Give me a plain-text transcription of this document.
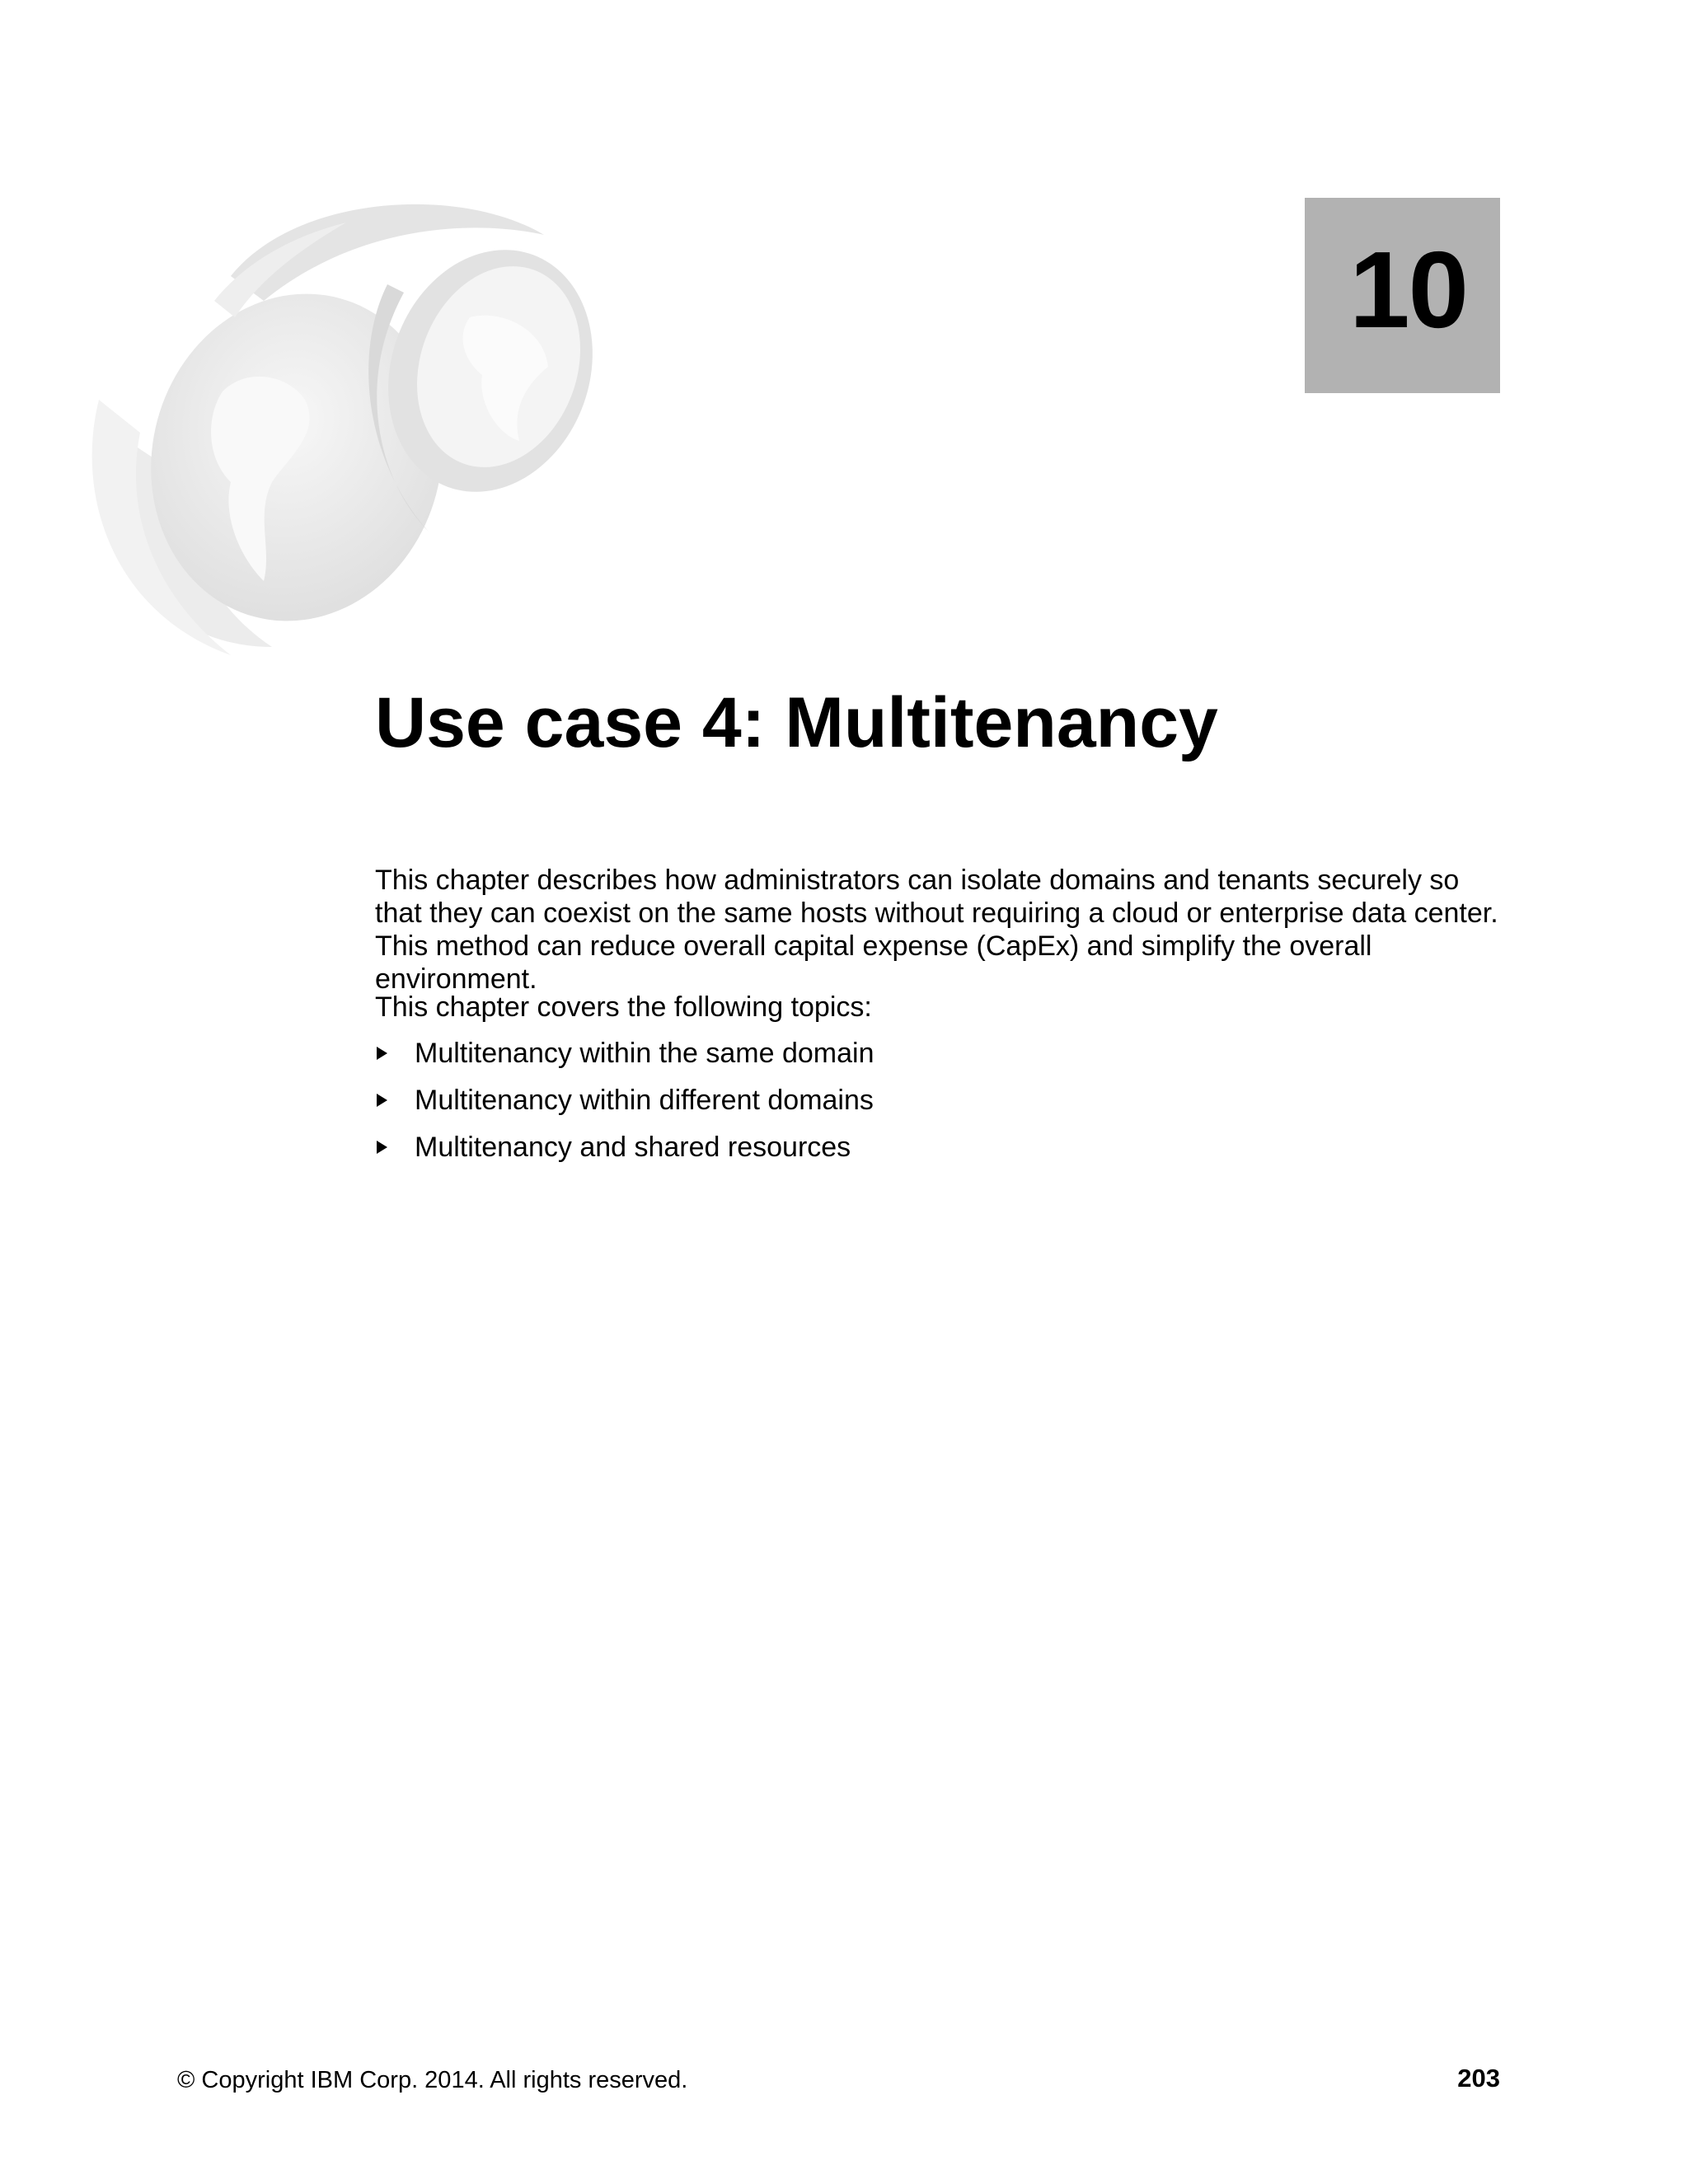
10
Use case 4: Multitenancy

This chapter describes how administrators can isolate domains and tenants securely so that they can coexist on the same hosts without requiring a cloud or enterprise data center. This method can reduce overall capital expense (CapEx) and simplify the overall environment.

This chapter covers the following topics:

Multitenancy within the same domain
Multitenancy within different domains
Multitenancy and shared resources
© Copyright IBM Corp. 2014. All rights reserved.	203
